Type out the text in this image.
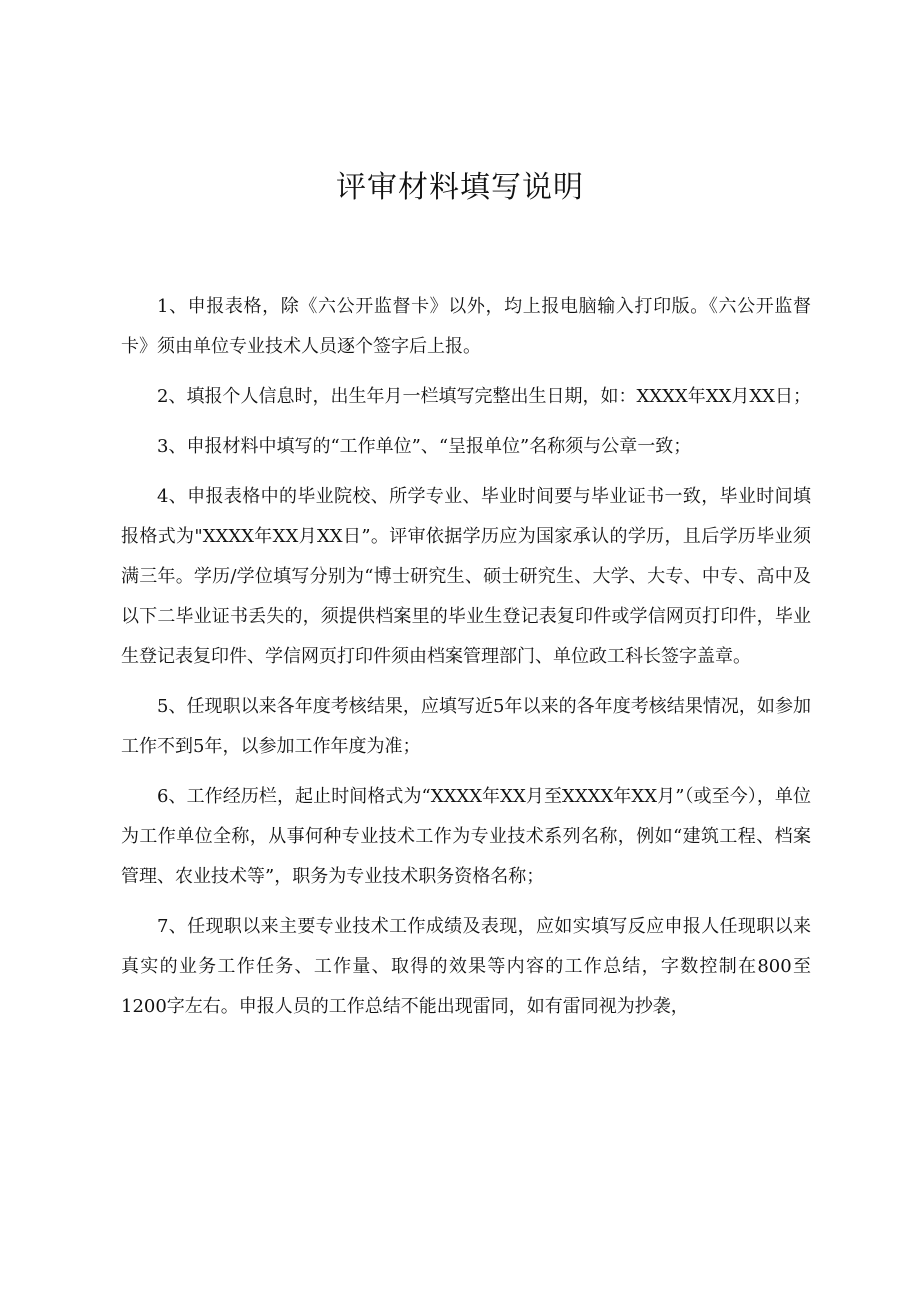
评审材料填写说明

1、申报表格，除《六公开监督卡》以外，均上报电脑输入打印版。《六公开监督卡》须由单位专业技术人员逐个签字后上报。

2、填报个人信息时，出生年月一栏填写完整出生日期，如：XXXX年XX月XX日；

3、申报材料中填写的“工作单位”、“呈报单位”名称须与公章一致；

4、申报表格中的毕业院校、所学专业、毕业时间要与毕业证书一致，毕业时间填报格式为"XXXX年XX月XX日”。评审依据学历应为国家承认的学历，且后学历毕业须满三年。学历/学位填写分别为“博士研究生、硕士研究生、大学、大专、中专、高中及以下二毕业证书丢失的，须提供档案里的毕业生登记表复印件或学信网页打印件，毕业生登记表复印件、学信网页打印件须由档案管理部门、单位政工科长签字盖章。

5、任现职以来各年度考核结果，应填写近5年以来的各年度考核结果情况，如参加工作不到5年，以参加工作年度为准；

6、工作经历栏，起止时间格式为“XXXX年XX月至XXXX年XX月”（或至今），单位为工作单位全称，从事何种专业技术工作为专业技术系列名称，例如“建筑工程、档案管理、农业技术等”，职务为专业技术职务资格名称；

7、任现职以来主要专业技术工作成绩及表现，应如实填写反应申报人任现职以来真实的业务工作任务、工作量、取得的效果等内容的工作总结，字数控制在800至1200字左右。申报人员的工作总结不能出现雷同，如有雷同视为抄袭，
